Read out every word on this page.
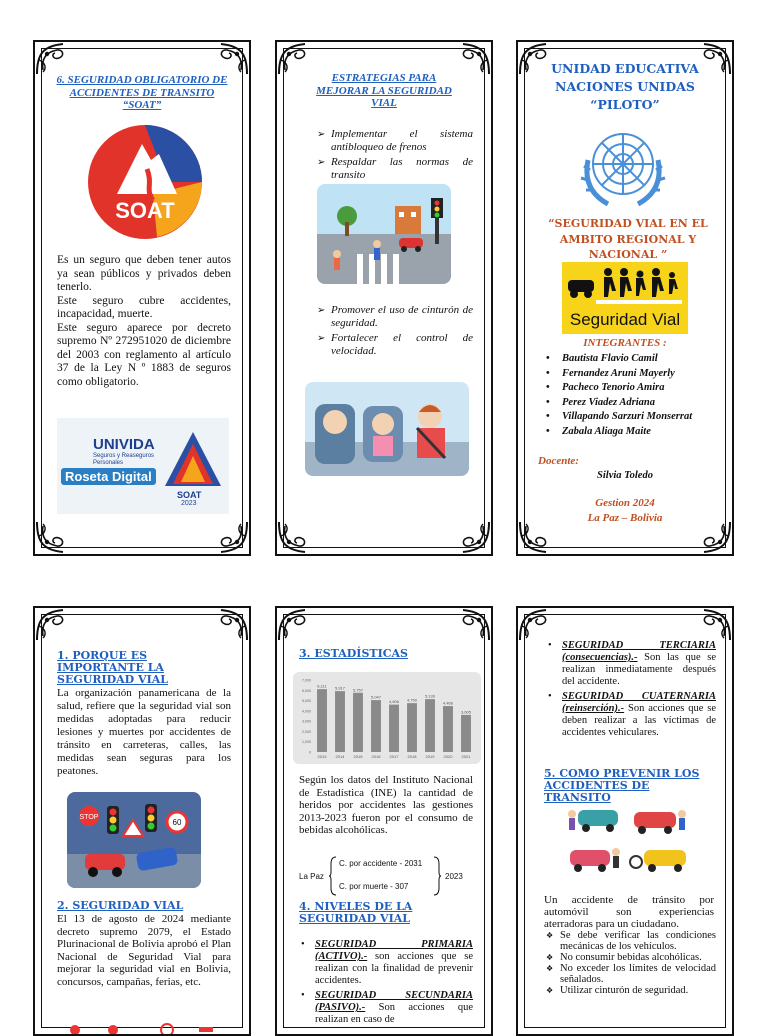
6. SEGURIDAD OBLIGATORIO DE ACCIDENTES DE TRANSITO “SOAT”
SOAT
Es un seguro que deben tener autos ya sean públicos y privados deben tenerlo.
Este seguro cubre accidentes, incapacidad, muerte.
Este seguro aparece por decreto supremo Nº 272951020 de diciembre del 2003 con reglamento al artículo 37 de la Ley N º 1883 de seguros como obligatorio.
UNIVIDA
Seguros y Reaseguros Personales
Roseta Digital
SOAT
2023
ESTRATEGIAS PARA MEJORAR LA SEGURIDAD VIAL
➢ Implementar el sistema antibloqueo de frenos
➢ Respaldar las normas de transito
➢ Promover el uso de cinturón de seguridad.
➢ Fortalecer el control de velocidad.
UNIDAD EDUCATIVA NACIONES UNIDAS “PILOTO”
“SEGURIDAD VIAL EN EL AMBITO REGIONAL Y NACIONAL ”
Seguridad Vial
INTEGRANTES :
• Bautista Flavio Camil
• Fernandez Aruni Mayerly
• Pacheco Tenorio Amira
• Perez Viadez Adriana
• Villapando Sarzuri Monserrat
• Zabala Aliaga Maite
Docente:
Silvia Toledo
Gestion 2024
La Paz – Bolivia
1. PORQUE ES IMPORTANTE LA SEGURIDAD VIAL
La organización panamericana de la salud, refiere que la seguridad vial son medidas adoptadas para reducir lesiones y muertes por accidentes de tránsito en carreteras, calles, las medidas sean seguras para los peatones.
STOP
60
2. SEGURIDAD VIAL
El 13 de agosto de 2024 mediante decreto supremo 2079, el Estado Plurinacional de Bolivia aprobó el Plan Nacional de Seguridad Vial para mejorar la seguridad vial en Bolivia, concursos, campañas, ferias, etc.
3. ESTADÍSTICAS
0
1,000
2,000
3,000
4,000
5,000
6,000
7,000
6,111
2013
5,917
2014
5,757
2015
5,047
2016
4,606
2017
4,750
2018
5,139
2019
4,466
2020
3,605
2021
Según los datos del Instituto Nacional de Estadística (INE) la cantidad de heridos por accidentes las gestiones 2013-2023 fueron por el consumo de bebidas alcohólicas.
La Paz
C. por accidente - 2031
C. por muerte - 307
2023
4. NIVELES DE LA SEGURIDAD VIAL
• SEGURIDAD PRIMARIA (ACTIVO).- son acciones que se realizan con la finalidad de prevenir accidentes.
• SEGURIDAD SECUNDARIA (PASIVO).- Son acciones que realizan en caso de
• SEGURIDAD TERCIARIA (consecuencias).- Son las que se realizan inmediatamente después del accidente.
• SEGURIDAD CUATERNARIA (reinserción).- Son acciones que se deben realizar a las víctimas de accidentes vehiculares.
5. COMO PREVENIR LOS ACCIDENTES DE TRANSITO
Un accidente de tránsito por automóvil son experiencias aterradoras para un ciudadano.
❖ Se debe verificar las condiciones mecánicas de los vehículos.
❖ No consumir bebidas alcohólicas.
❖ No exceder los límites de velocidad señalados.
❖ Utilizar cinturón de seguridad.
